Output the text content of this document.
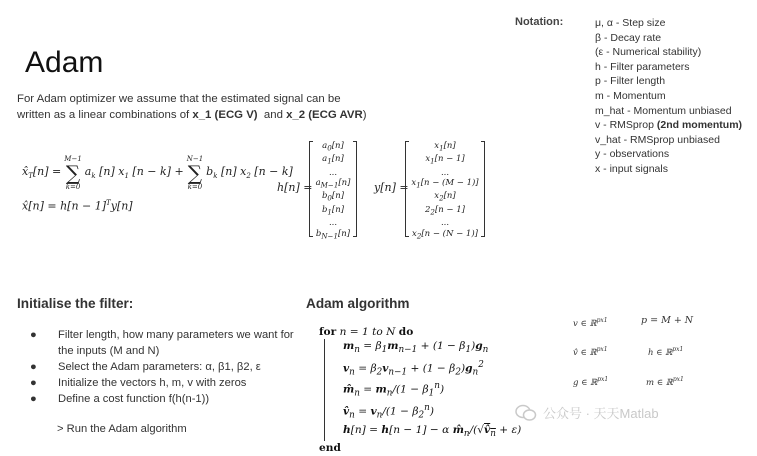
Notation:	μ, α - Step size
β - Decay rate
(ε - Numerical stability)
h - Filter parameters
p - Filter length
m - Momentum
m_hat - Momentum unbiased
v - RMSprop (2nd momentum)
v_hat - RMSprop unbiased
y - observations
x - input signals
Adam
For Adam optimizer we assume that the estimated signal can be
written as a linear combinations of x_1 (ECG V)  and x_2 (ECG AVR)
$x̂_T[n]$ =
M−1
∑
k=0
$a_k$ [n] $x_1$ [n − k] +
N−1
∑
k=0
$b_k$ [n] $x_2$ [n − k]
x̂[n] = $h[n - 1]^Ty[n]$
h[n] =
$a_0[n]$
$a_1[n]$
...
$a_{M-1}[n]$
$b_0[n]$
$b_1[n]$
...
$b_{N-1}[n]$
y[n] =
$x_1[n]$
$x_1[n - 1]$
...
$x_1[n - (M - 1)]$
$x_2[n]$
$2_2[n - 1]$
...
$x_2[n - (N - 1)]$
Initialise the filter:
●	Filter length, how many parameters we want for the inputs (M and N)
●	Select the Adam parameters: α, β1, β2, ε
●	Initialize the vectors h, m, v with zeros
●	Define a cost function f(h(n-1))
> Run the Adam algorithm
Adam algorithm
for n = 1 to N do
$m_n = \beta_1m_{n-1} + (1 - \beta_1)g_n$
$v_n = \beta_2v_{n-1} + (1 - \beta_2)g_n^2$
$m̂_n = m_n/(1 - \beta_1^n)$
$v̂_n = v_n/(1 - \beta_2^n)$
h[n] = h[n − 1] − α $m̂_n/(√v̂_n + \varepsilon)$
end
v ∈ ℝ$^{px1}$	p = M + N
v̂ ∈ ℝ$^{px1}$	h ∈ ℝ$^{px1}$
g ∈ ℝ$^{px1}$	m ∈ ℝ$^{px1}$
公众号 · 天天Matlab
